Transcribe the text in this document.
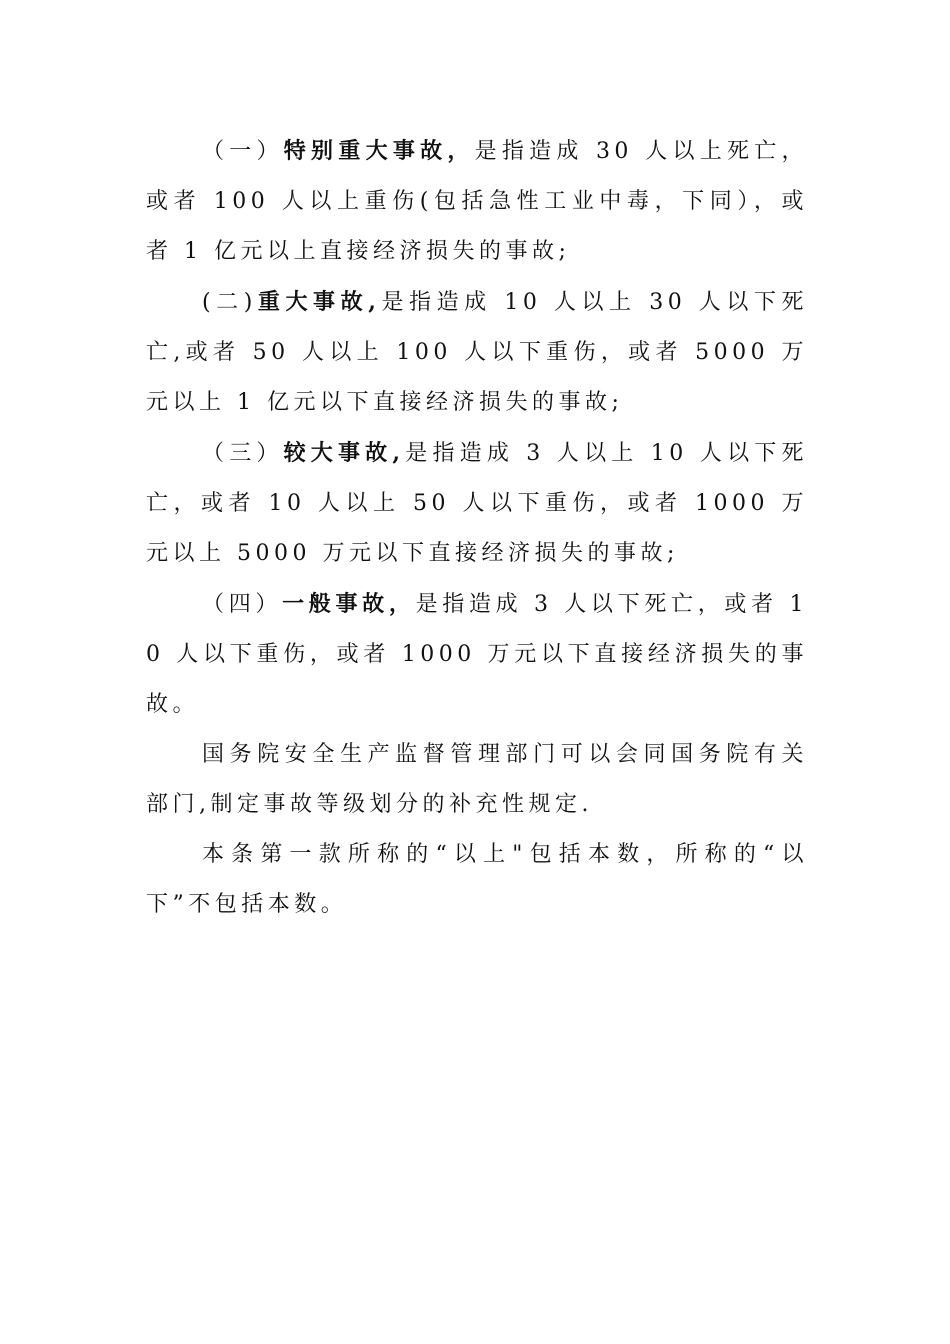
（一）特别重大事故，是指造成 30 人以上死亡，或者 100 人以上重伤(包括急性工业中毒，下同），或者 1 亿元以上直接经济损失的事故;

(二)重大事故,是指造成 10 人以上 30 人以下死亡,或者 50 人以上 100 人以下重伤，或者 5000 万元以上 1 亿元以下直接经济损失的事故;

（三）较大事故,是指造成 3 人以上 10 人以下死亡，或者 10 人以上 50 人以下重伤，或者 1000 万元以上 5000 万元以下直接经济损失的事故;

（四）一般事故，是指造成 3 人以下死亡，或者 10 人以下重伤，或者 1000 万元以下直接经济损失的事故。

国务院安全生产监督管理部门可以会同国务院有关部门,制定事故等级划分的补充性规定.

本条第一款所称的“以上"包括本数，所称的“以下”不包括本数。
